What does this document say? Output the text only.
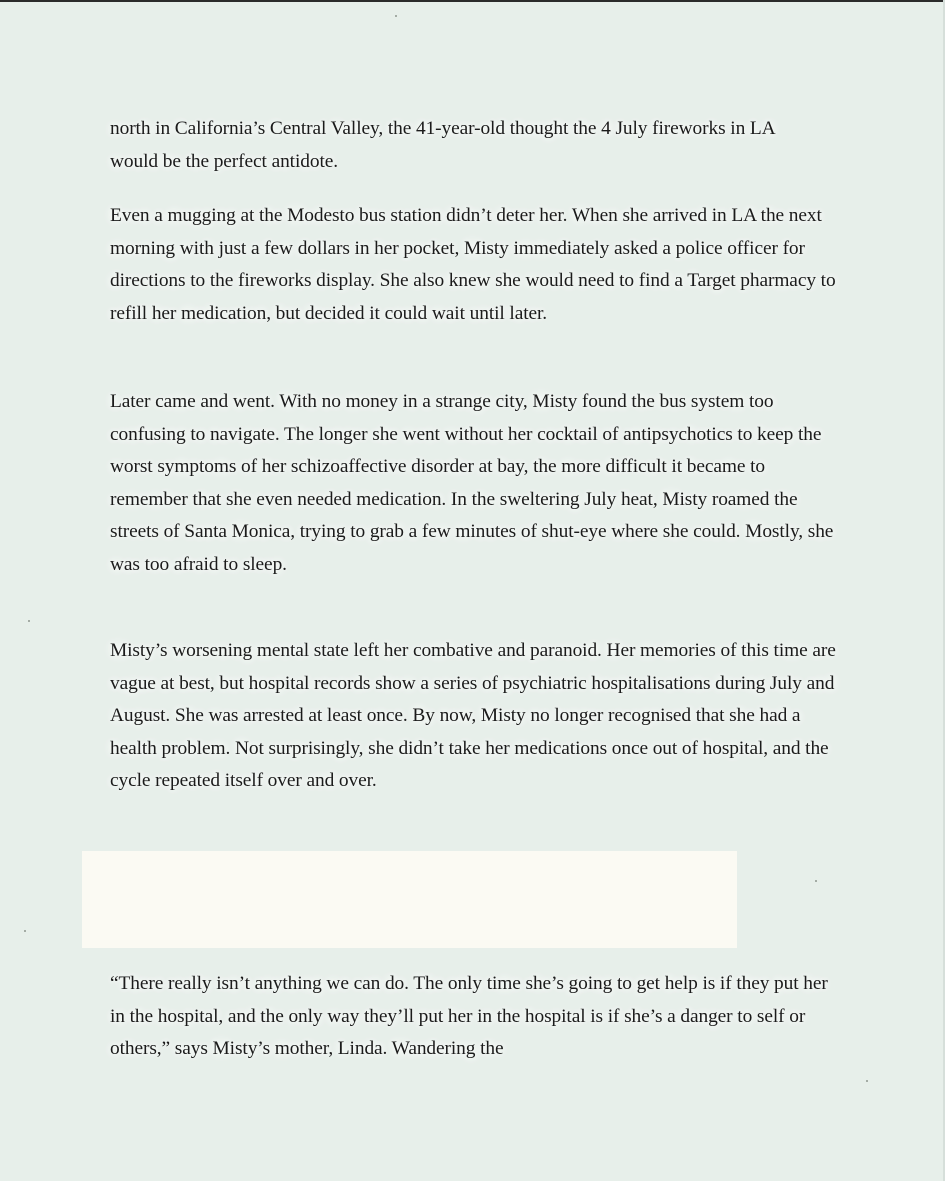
north in California’s Central Valley, the 41-year-old thought the 4 July fireworks in LA would be the perfect antidote.
Even a mugging at the Modesto bus station didn’t deter her. When she arrived in LA the next morning with just a few dollars in her pocket, Misty immediately asked a police officer for directions to the fireworks display. She also knew she would need to find a Target pharmacy to refill her medication, but decided it could wait until later.
Later came and went. With no money in a strange city, Misty found the bus system too confusing to navigate. The longer she went without her cocktail of antipsychotics to keep the worst symptoms of her schizoaffective disorder at bay, the more difficult it became to remember that she even needed medication. In the sweltering July heat, Misty roamed the streets of Santa Monica, trying to grab a few minutes of shut-eye where she could. Mostly, she was too afraid to sleep.
Misty’s worsening mental state left her combative and paranoid. Her memories of this time are vague at best, but hospital records show a series of psychiatric hospitalisations during July and August. She was arrested at least once. By now, Misty no longer recognised that she had a health problem. Not surprisingly, she didn’t take her medications once out of hospital, and the cycle repeated itself over and over.
“There really isn’t anything we can do. The only time she’s going to get help is if they put her in the hospital, and the only way they’ll put her in the hospital is if she’s a danger to self or others,” says Misty’s mother, Linda. Wandering the
